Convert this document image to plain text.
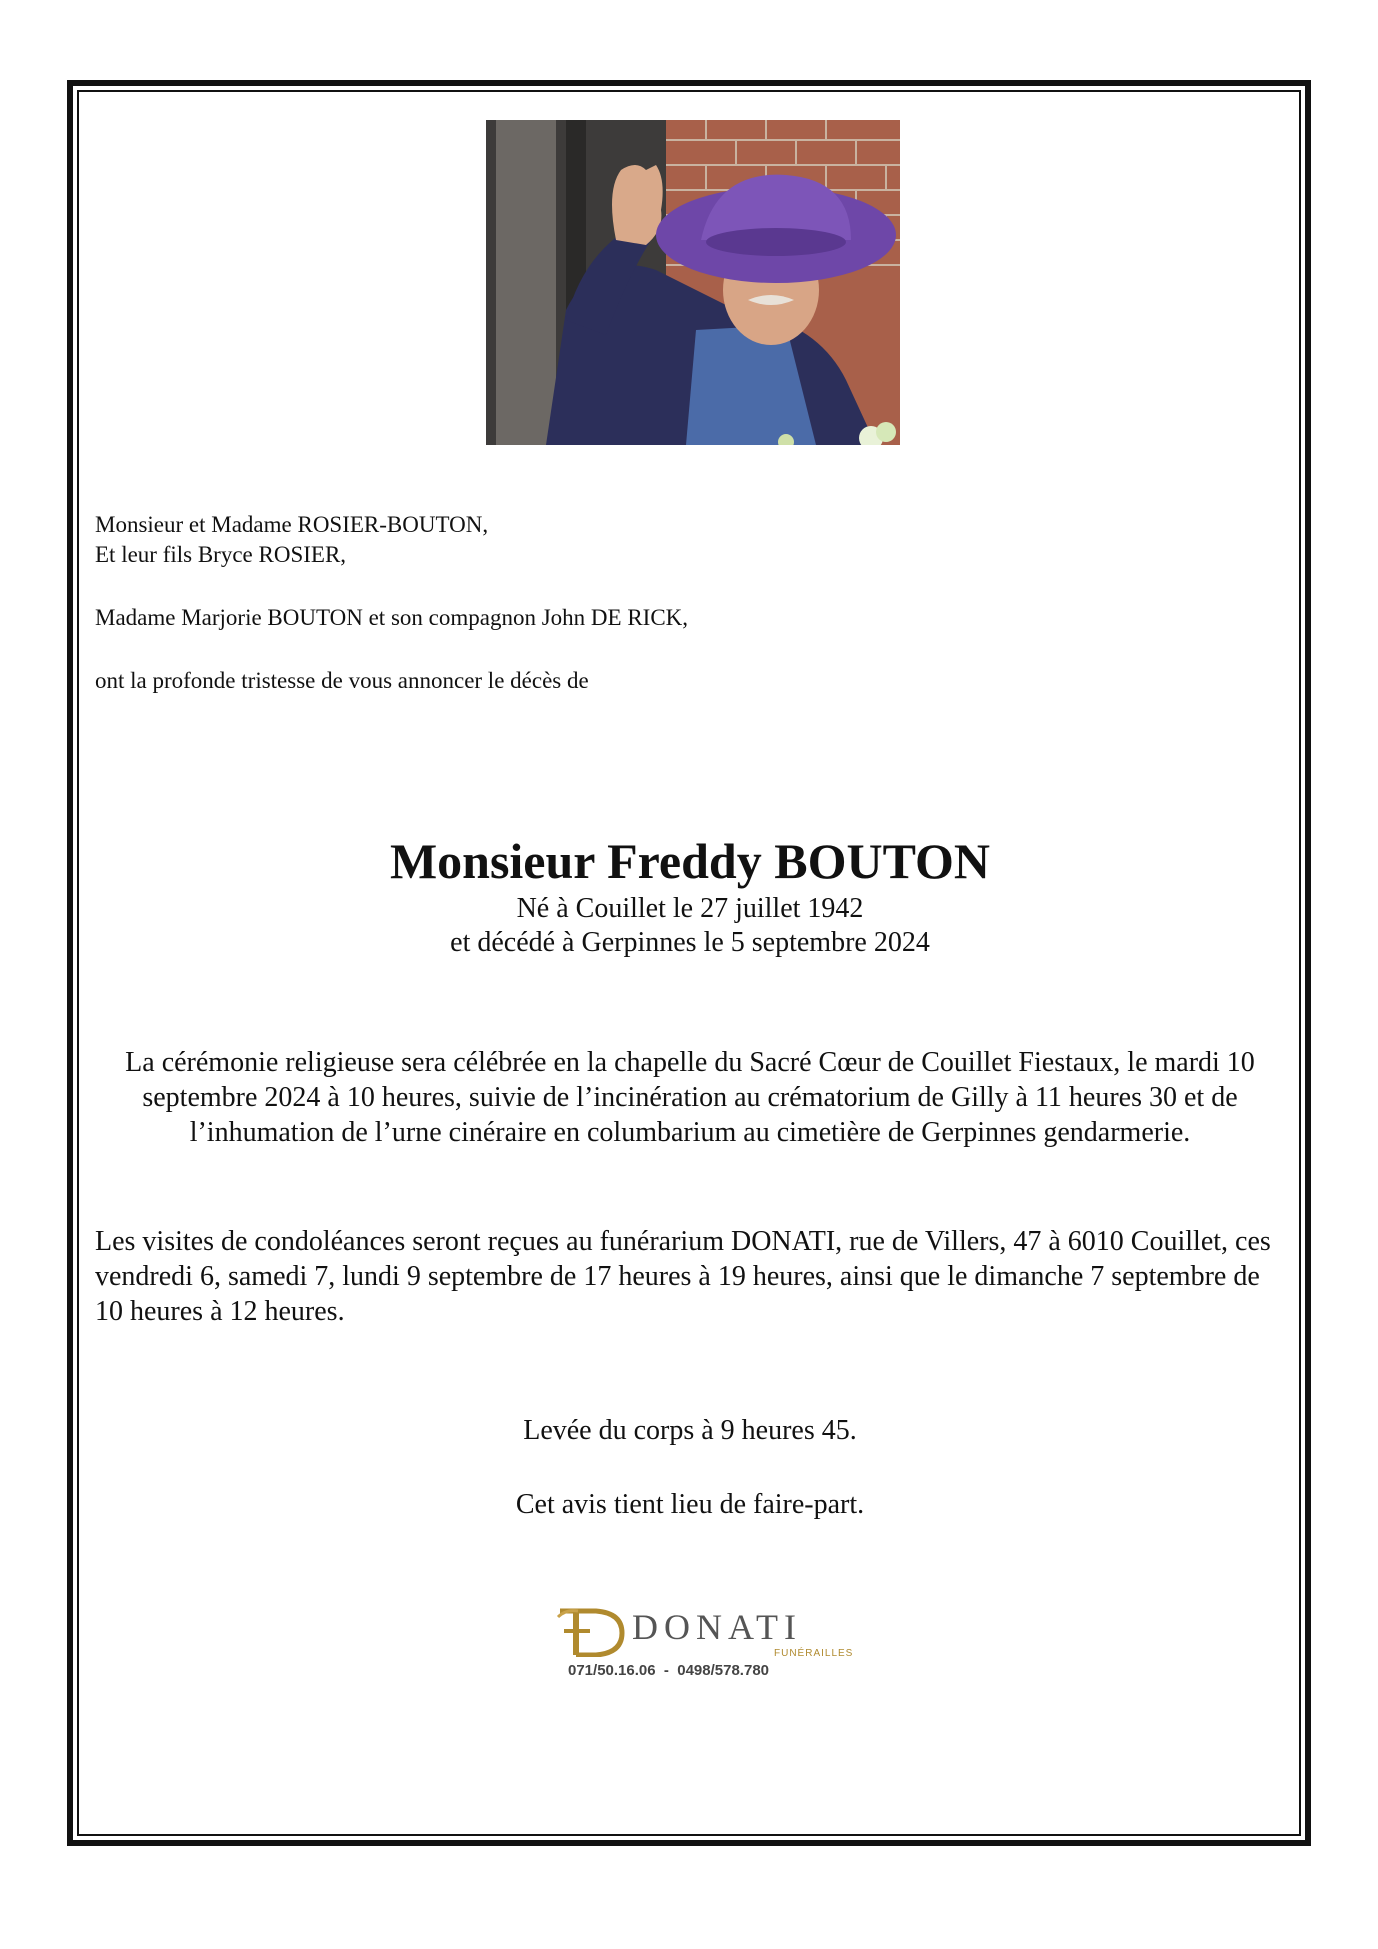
Monsieur et Madame ROSIER-BOUTON,

Et leur fils Bryce ROSIER,

Madame Marjorie BOUTON et son compagnon John DE RICK,

ont la profonde tristesse de vous annoncer le décès de

Monsieur Freddy BOUTON

Né à Couillet le 27 juillet 1942

et décédé à Gerpinnes le 5 septembre 2024

La cérémonie religieuse sera célébrée en la chapelle du Sacré Cœur de Couillet Fiestaux, le mardi 10 septembre 2024 à 10 heures, suivie de l’incinération au crématorium de Gilly à 11 heures 30 et de l’inhumation de l’urne cinéraire en columbarium au cimetière de Gerpinnes gendarmerie.

Les visites de condoléances seront reçues au funérarium DONATI, rue de Villers, 47 à 6010 Couillet, ces vendredi 6, samedi 7, lundi 9 septembre de 17 heures à 19 heures, ainsi que le dimanche 7 septembre de 10 heures à 12 heures.

Levée du corps à 9 heures 45.

Cet avis tient lieu de faire-part.

DONATI
FUNÉRAILLES
071/50.16.06  -  0498/578.780
